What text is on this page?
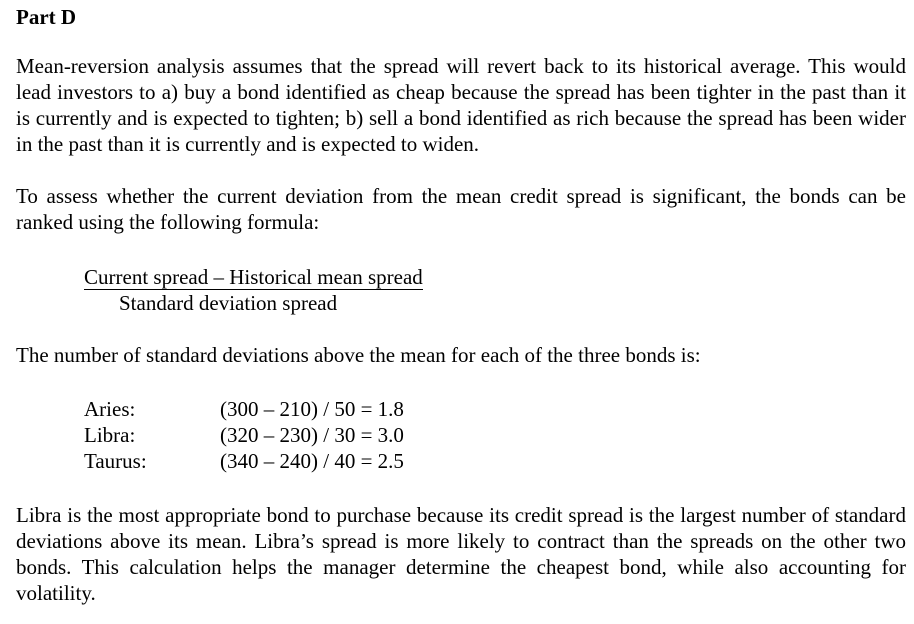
Part D

Mean-reversion analysis assumes that the spread will revert back to its historical average. This would lead investors to a) buy a bond identified as cheap because the spread has been tighter in the past than it is currently and is expected to tighten; b) sell a bond identified as rich because the spread has been wider in the past than it is currently and is expected to widen.

To assess whether the current deviation from the mean credit spread is significant, the bonds can be ranked using the following formula:

Current spread – Historical mean spread
Standard deviation spread

The number of standard deviations above the mean for each of the three bonds is:

Aries:	(300 – 210) / 50 = 1.8
Libra:	(320 – 230) / 30 = 3.0
Taurus:	(340 – 240) / 40 = 2.5

Libra is the most appropriate bond to purchase because its credit spread is the largest number of standard deviations above its mean. Libra’s spread is more likely to contract than the spreads on the other two bonds. This calculation helps the manager determine the cheapest bond, while also accounting for volatility.
